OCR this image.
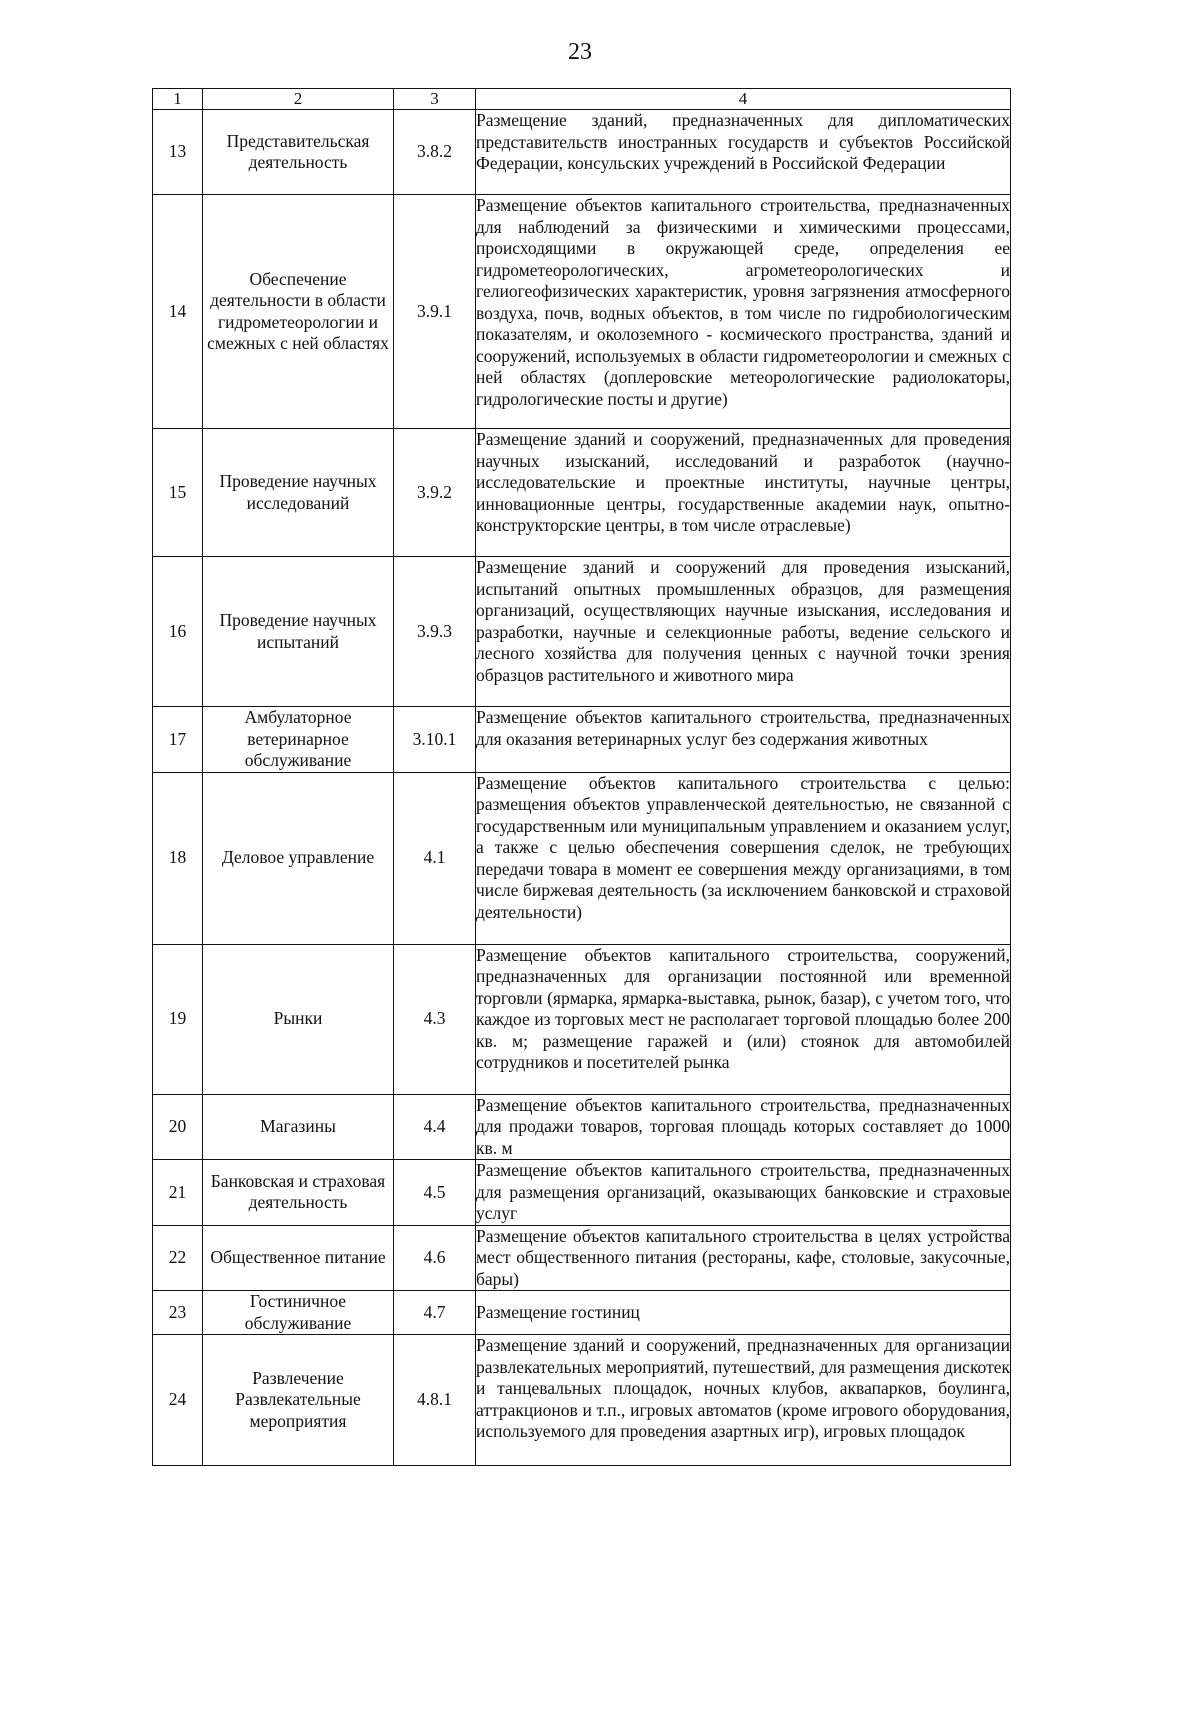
23
1	2	3	4
13	Представительская деятельность	3.8.2	Размещение зданий, предназначенных для дипломатических представительств иностранных государств и субъектов Российской Федерации, консульских учреждений в Российской Федерации
14	Обеспечение деятельности в области гидрометеорологии и смежных с ней областях	3.9.1	Размещение объектов капитального строительства, предназначенных для наблюдений за физическими и химическими процессами, происходящими в окружающей среде, определения ее гидрометеорологических, агрометеорологических и гелиогеофизических характеристик, уровня загрязнения атмосферного воздуха, почв, водных объектов, в том числе по гидробиологическим показателям, и околоземного - космического пространства, зданий и сооружений, используемых в области гидрометеорологии и смежных с ней областях (доплеровские метеорологические радиолокаторы, гидрологические посты и другие)
15	Проведение научных исследований	3.9.2	Размещение зданий и сооружений, предназначенных для проведения научных изысканий, исследований и разработок (научно-исследовательские и проектные институты, научные центры, инновационные центры, государственные академии наук, опытно-конструкторские центры, в том числе отраслевые)
16	Проведение научных испытаний	3.9.3	Размещение зданий и сооружений для проведения изысканий, испытаний опытных промышленных образцов, для размещения организаций, осуществляющих научные изыскания, исследования и разработки, научные и селекционные работы, ведение сельского и лесного хозяйства для получения ценных с научной точки зрения образцов растительного и животного мира
17	Амбулаторное ветеринарное обслуживание	3.10.1	Размещение объектов капитального строительства, предназначенных для оказания ветеринарных услуг без содержания животных
18	Деловое управление	4.1	Размещение объектов капитального строительства с целью: размещения объектов управленческой деятельностью, не связанной с государственным или муниципальным управлением и оказанием услуг, а также с целью обеспечения совершения сделок, не требующих передачи товара в момент ее совершения между организациями, в том числе биржевая деятельность (за исключением банковской и страховой деятельности)
19	Рынки	4.3	Размещение объектов капитального строительства, сооружений, предназначенных для организации постоянной или временной торговли (ярмарка, ярмарка-выставка, рынок, базар), с учетом того, что каждое из торговых мест не располагает торговой площадью более 200 кв. м; размещение гаражей и (или) стоянок для автомобилей сотрудников и посетителей рынка
20	Магазины	4.4	Размещение объектов капитального строительства, предназначенных для продажи товаров, торговая площадь которых составляет до 1000 кв. м
21	Банковская и страховая деятельность	4.5	Размещение объектов капитального строительства, предназначенных для размещения организаций, оказывающих банковские и страховые услуг
22	Общественное питание	4.6	Размещение объектов капитального строительства в целях устройства мест общественного питания (рестораны, кафе, столовые, закусочные, бары)
23	Гостиничное обслуживание	4.7	Размещение гостиниц
24	Развлечение Развлекательные мероприятия	4.8.1	Размещение зданий и сооружений, предназначенных для организации развлекательных мероприятий, путешествий, для размещения дискотек и танцевальных площадок, ночных клубов, аквапарков, боулинга, аттракционов и т.п., игровых автоматов (кроме игрового оборудования, используемого для проведения азартных игр), игровых площадок
